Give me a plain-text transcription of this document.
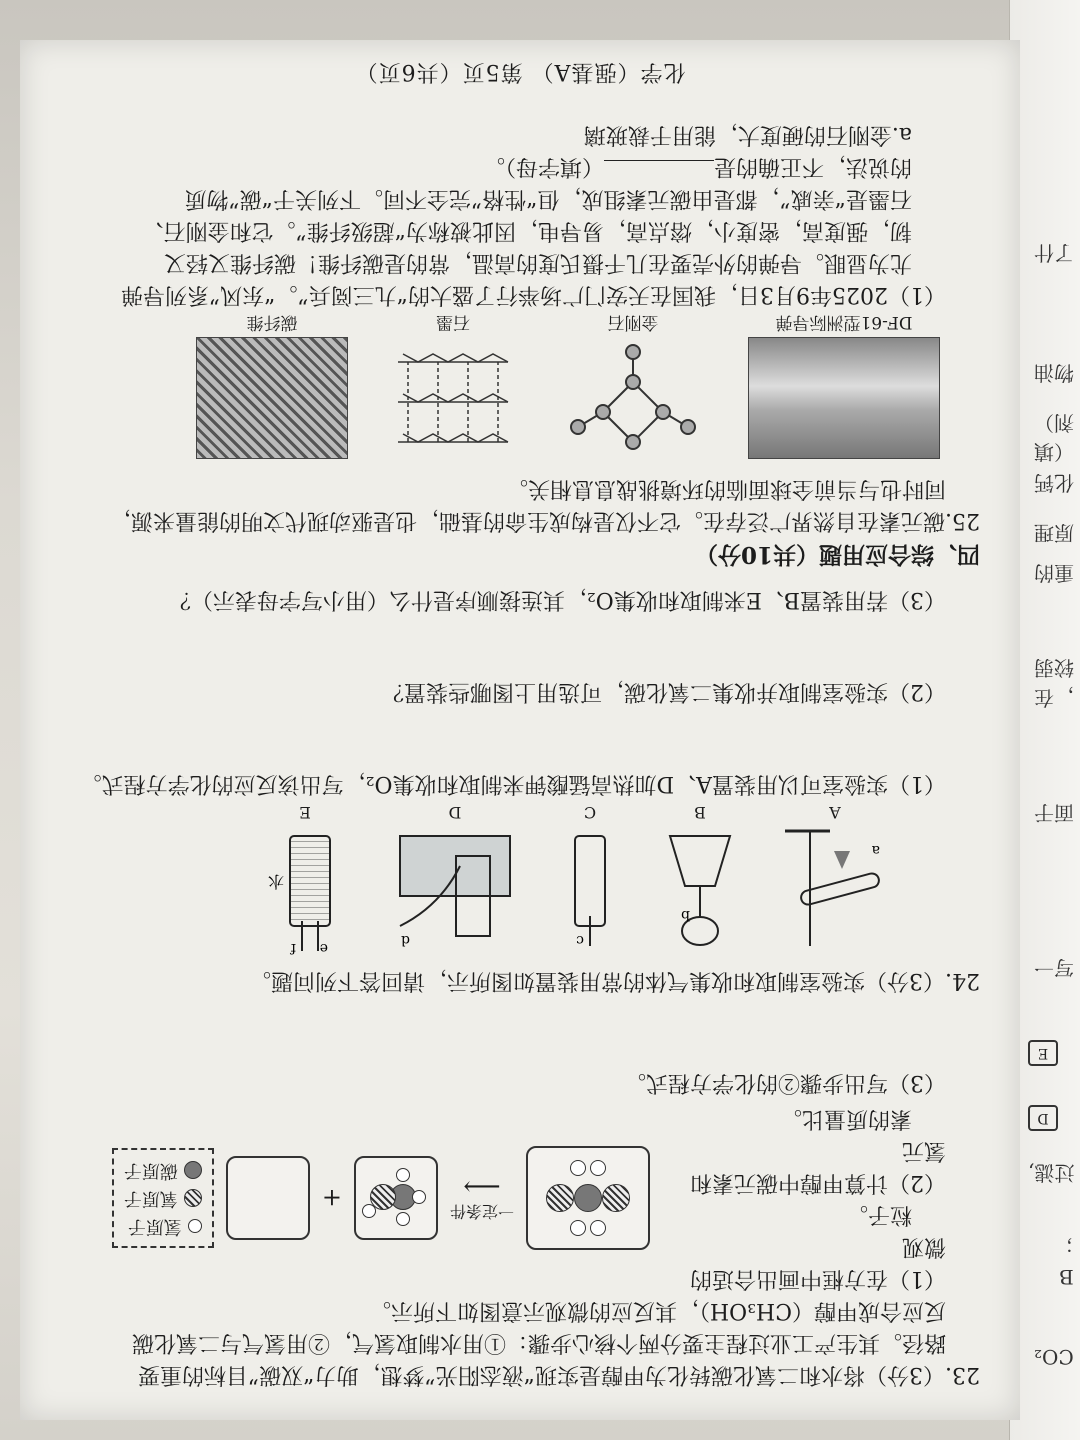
CO₂
B
；
过滤,
D
E
写一
面于
，在
较弱
重的
原理
化钙
（填剂）
物油
了什

23.（3分）将水和二氧化碳转化为甲醇是实现“液态阳光”梦想，助力“双碳”目标的重要

路径。其生产工业过程主要分两个核心步骤：①用水制取氢气，②用氢气与二氧化碳

反应合成甲醇（CH₃OH），其反应的微观示意图如下所示。

（1）在方框中画出合适的微观

粒子。

（2）计算甲醇中碳元素和氢元

素的质量比。

一定条件
⟶
+
氢原子
氧原子
碳原子

（3）写出步骤②的化学方程式。

24.（3分）实验室制取和收集气体的常用装置如图所示，请回答下列问题。

a
A
b
B
c
C
d
D
e
f
水
E

（1）实验室可以用装置A、D加热高锰酸钾来制取和收集O₂，写出该反应的化学方程式。

（2）实验室制取并收集二氧化碳，可选用上图哪些装置？

（3）若用装置B、E来制取和收集O₂，其连接顺序是什么（用小写字母表示）？

四、综合应用题（共10分）

25.碳元素在自然界广泛存在。它不仅是构成生命的基础，也是驱动现代文明的能量来源，

同时也与当前全球面临的环境挑战息息相关。

DF-61型洲际导弹
金刚石
石墨
碳纤维

（1）2025年9月3日，我国在天安门广场举行了盛大的“九三阅兵”。“东风”系列导弹

尤为显眼。导弹的外壳要在几千摄氏度的高温，常的是碳纤维！碳纤维又轻又

韧，强度高，密度小，熔点高，易导电，因此被称为“超级纤维”。它和金刚石、

石墨是“亲戚”，都是由碳元素组成，但“性格”完全不同。下列关于“碳”物质

的说法，不正确的是（填字母）。

a.金刚石的硬度大，能用于裁玻璃

化学（强基A） 第5页（共6页）
